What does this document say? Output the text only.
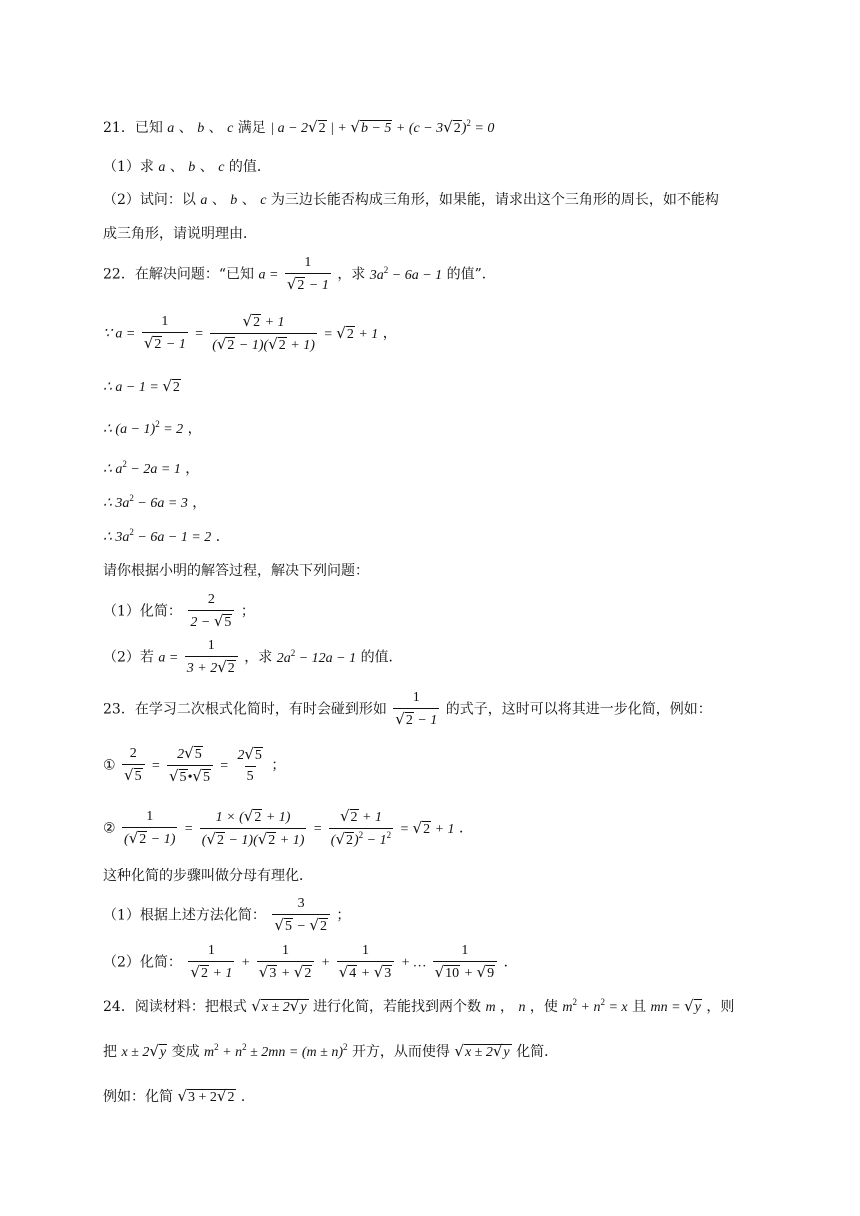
21．已知 a 、 b 、 c 满足 | a − 2√2 | + $√b - 5 + (c - 3√2)^2 = 0$
（1）求 a 、 b 、 c 的值．
（2）试问：以 a 、 b 、 c 为三边长能否构成三角形，如果能，请求出这个三角形的周长，如不能构
成三角形，请说明理由．
22．在解决问题：“已知 $a = \frac{1}{√2 - 1}$ ，求 $3a^2 - 6a - 1$ 的值”．
∵ $a = \frac{1}{√2 - 1} = \frac{√2 + 1}{(√2 - 1)(√2 + 1)} = √2 + 1$ ，
∴ a − 1 = √2
∴ $(a - 1)^2 = 2$ ，
∴ $a^2 - 2a = 1$ ，
∴ $3a^2 - 6a = 3$ ，
∴ $3a^2 - 6a - 1 = 2$ ．
请你根据小明的解答过程，解决下列问题：
（1）化简： $\frac{2}{2 - √5}$ ；
（2）若 $a = \frac{1}{3 + 2√2}$ ，求 $2a^2 - 12a - 1$ 的值．
23．在学习二次根式化简时，有时会碰到形如 $\frac{1}{√2 - 1}$ 的式子，这时可以将其进一步化简，例如：
① $\frac{2}{√5} = \frac{2√5}{√5•√5} = \frac{2√5}{5}$ ；
② $\frac{1}{(√2 - 1)} = \frac{1 \times (√2 + 1)}{(√2 - 1)(√2 + 1)} = \frac{√2 + 1}{(√2)^2 - 1^2} = √2 + 1$ ．
这种化简的步骤叫做分母有理化．
（1）根据上述方法化简： $\frac{3}{√5 - √2}$ ；
（2）化简： $\frac{1}{√2 + 1} + \frac{1}{√3 + √2} + \frac{1}{√4 + √3}$ + … $\frac{1}{√10 + √9}$ ．
24．阅读材料：把根式 √x ± 2√y 进行化简，若能找到两个数 m ， n ，使 $m^2 + n^2 = x$ 且 mn = √y ，则
把 x ± 2√y 变成 $m^2 + n^2 \pm 2mn = (m \pm n)^2$ 开方，从而使得 √x ± 2√y 化简．
例如：化简 √3 + 2√2 ．
